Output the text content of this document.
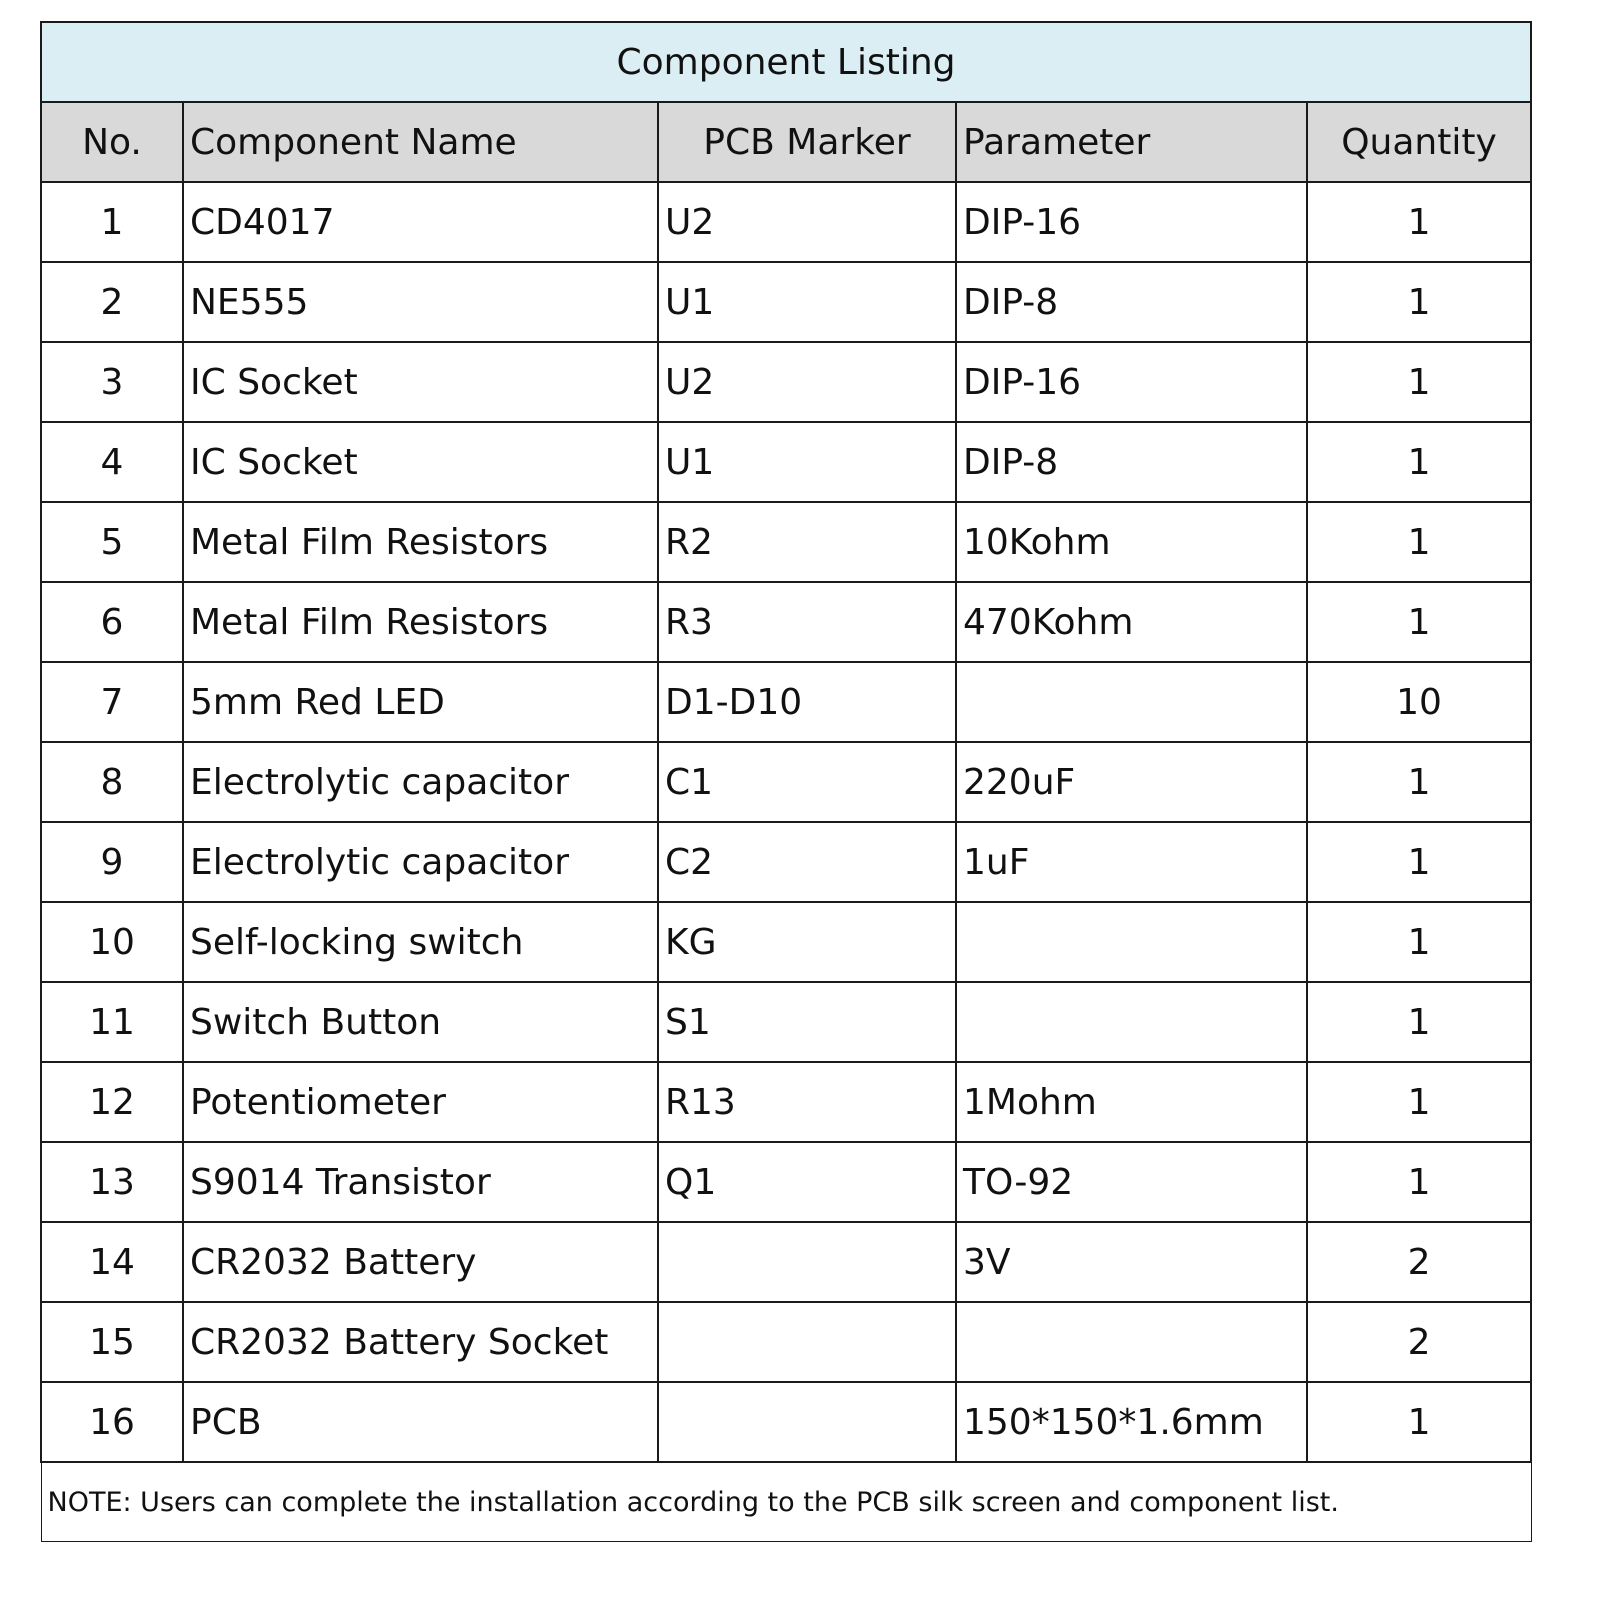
Component Listing				
No.	Component Name	PCB Marker	Parameter	Quantity
1	CD4017	U2	DIP-16	1
2	NE555	U1	DIP-8	1
3	IC Socket	U2	DIP-16	1
4	IC Socket	U1	DIP-8	1
5	Metal Film Resistors	R2	10Kohm	1
6	Metal Film Resistors	R3	470Kohm	1
7	5mm Red LED	D1-D10		10
8	Electrolytic capacitor	C1	220uF	1
9	Electrolytic capacitor	C2	1uF	1
10	Self-locking switch	KG		1
11	Switch Button	S1		1
12	Potentiometer	R13	1Mohm	1
13	S9014 Transistor	Q1	TO-92	1
14	CR2032 Battery		3V	2
15	CR2032 Battery Socket			2
16	PCB		150*150*1.6mm	1
NOTE: Users can complete the installation according to the PCB silk screen and component list.				
